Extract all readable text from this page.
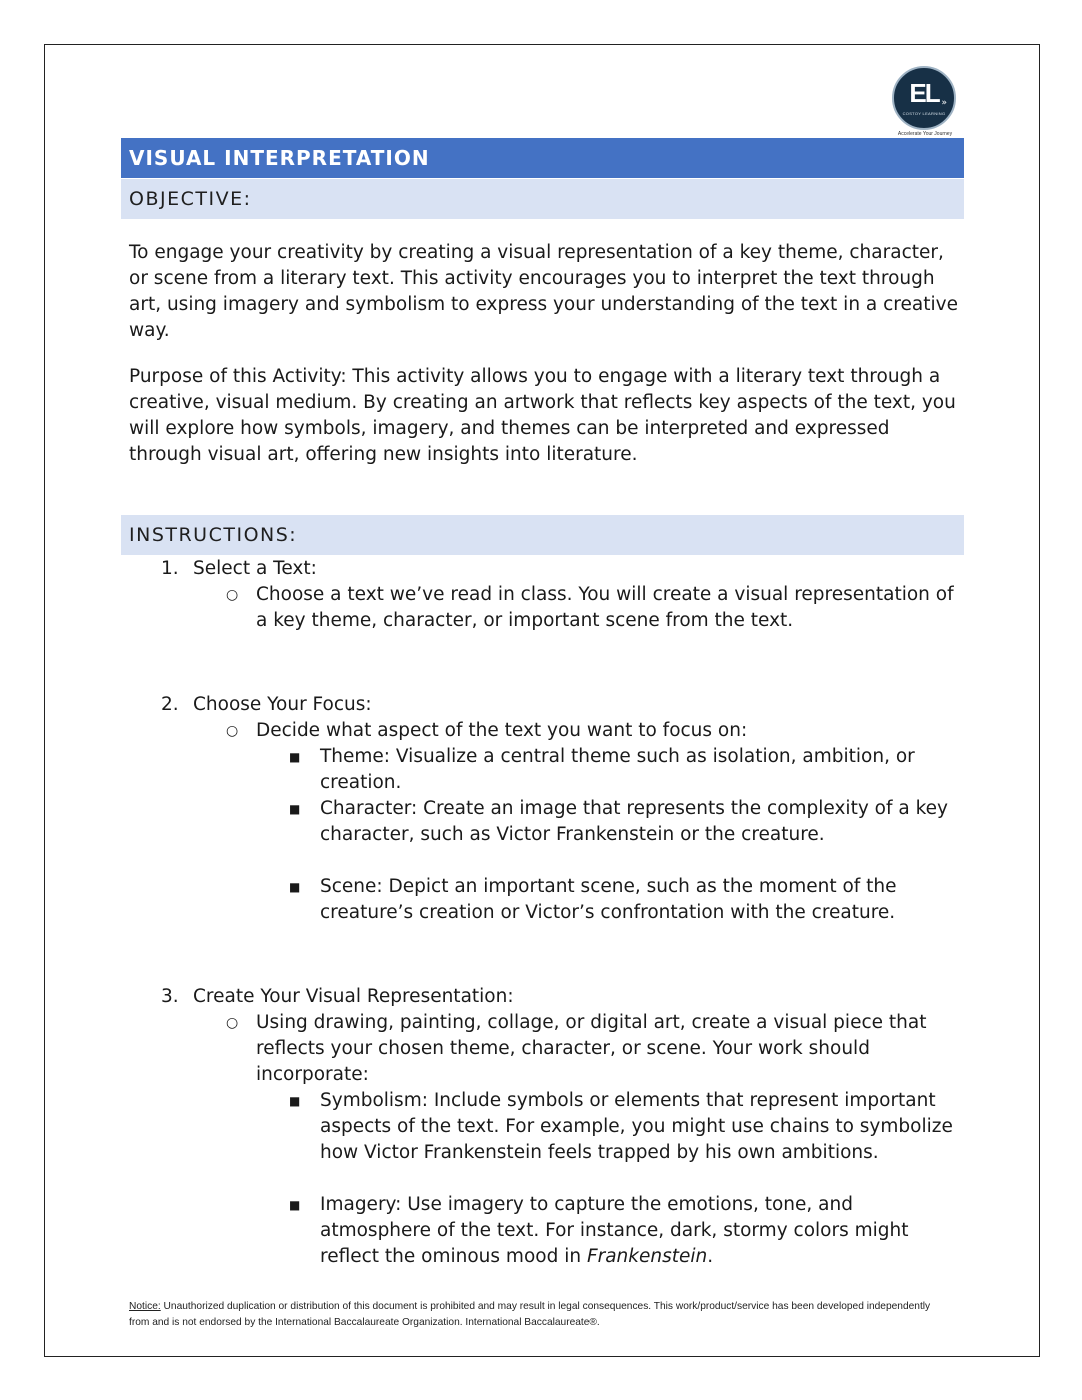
EL »
COSTOY LEARNING
Accelerate Your Journey
VISUAL INTERPRETATION
OBJECTIVE:

To engage your creativity by creating a visual representation of a key theme, character, or scene from a literary text. This activity encourages you to interpret the text through art, using imagery and symbolism to express your understanding of the text in a creative way.

Purpose of this Activity: This activity allows you to engage with a literary text through a creative, visual medium. By creating an artwork that reflects key aspects of the text, you will explore how symbols, imagery, and themes can be interpreted and expressed through visual art, offering new insights into literature.

INSTRUCTIONS:
1. Select a Text:
○ Choose a text we’ve read in class. You will create a visual representation of a key theme, character, or important scene from the text.
2. Choose Your Focus:
○ Decide what aspect of the text you want to focus on:
■ Theme: Visualize a central theme such as isolation, ambition, or creation.
■ Character: Create an image that represents the complexity of a key character, such as Victor Frankenstein or the creature.
■ Scene: Depict an important scene, such as the moment of the creature’s creation or Victor’s confrontation with the creature.
3. Create Your Visual Representation:
○ Using drawing, painting, collage, or digital art, create a visual piece that reflects your chosen theme, character, or scene. Your work should incorporate:
■ Symbolism: Include symbols or elements that represent important aspects of the text. For example, you might use chains to symbolize how Victor Frankenstein feels trapped by his own ambitions.
■ Imagery: Use imagery to capture the emotions, tone, and atmosphere of the text. For instance, dark, stormy colors might reflect the ominous mood in Frankenstein.
Notice: Unauthorized duplication or distribution of this document is prohibited and may result in legal consequences. This work/product/service has been developed independently from and is not endorsed by the International Baccalaureate Organization. International Baccalaureate®.
